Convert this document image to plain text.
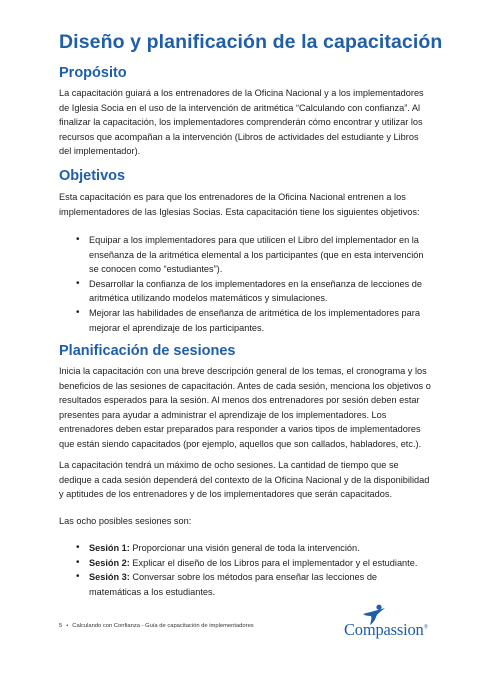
Diseño y planificación de la capacitación
Propósito

La capacitación guiará a los entrenadores de la Oficina Nacional y a los implementadores de Iglesia Socia en el uso de la intervención de aritmética “Calculando con confianza”. Al finalizar la capacitación, los implementadores comprenderán cómo encontrar y utilizar los recursos que acompañan a la intervención (Libros de actividades del estudiante y Libros del implementador).

Objetivos

Esta capacitación es para que los entrenadores de la Oficina Nacional entrenen a los implementadores de las Iglesias Socias. Esta capacitación tiene los siguientes objetivos:

• Equipar a los implementadores para que utilicen el Libro del implementador en la enseñanza de la aritmética elemental a los participantes (que en esta intervención se conocen como “estudiantes”).
• Desarrollar la confianza de los implementadores en la enseñanza de lecciones de aritmética utilizando modelos matemáticos y simulaciones.
• Mejorar las habilidades de enseñanza de aritmética de los implementadores para mejorar el aprendizaje de los participantes.
Planificación de sesiones

Inicia la capacitación con una breve descripción general de los temas, el cronograma y los beneficios de las sesiones de capacitación. Antes de cada sesión, menciona los objetivos o resultados esperados para la sesión. Al menos dos entrenadores por sesión deben estar presentes para ayudar a administrar el aprendizaje de los implementadores. Los entrenadores deben estar preparados para responder a varios tipos de implementadores que están siendo capacitados (por ejemplo, aquellos que son callados, habladores, etc.).

La capacitación tendrá un máximo de ocho sesiones. La cantidad de tiempo que se dedique a cada sesión dependerá del contexto de la Oficina Nacional y de la disponibilidad y aptitudes de los entrenadores y de los implementadores que serán capacitados.

Las ocho posibles sesiones son:

• Sesión 1: Proporcionar una visión general de toda la intervención.
• Sesión 2: Explicar el diseño de los Libros para el implementador y el estudiante.
• Sesión 3: Conversar sobre los métodos para enseñar las lecciones de matemáticas a los estudiantes.
5 • Calculando con Confianza - Guía de capacitación de implementadores	Compassion®
